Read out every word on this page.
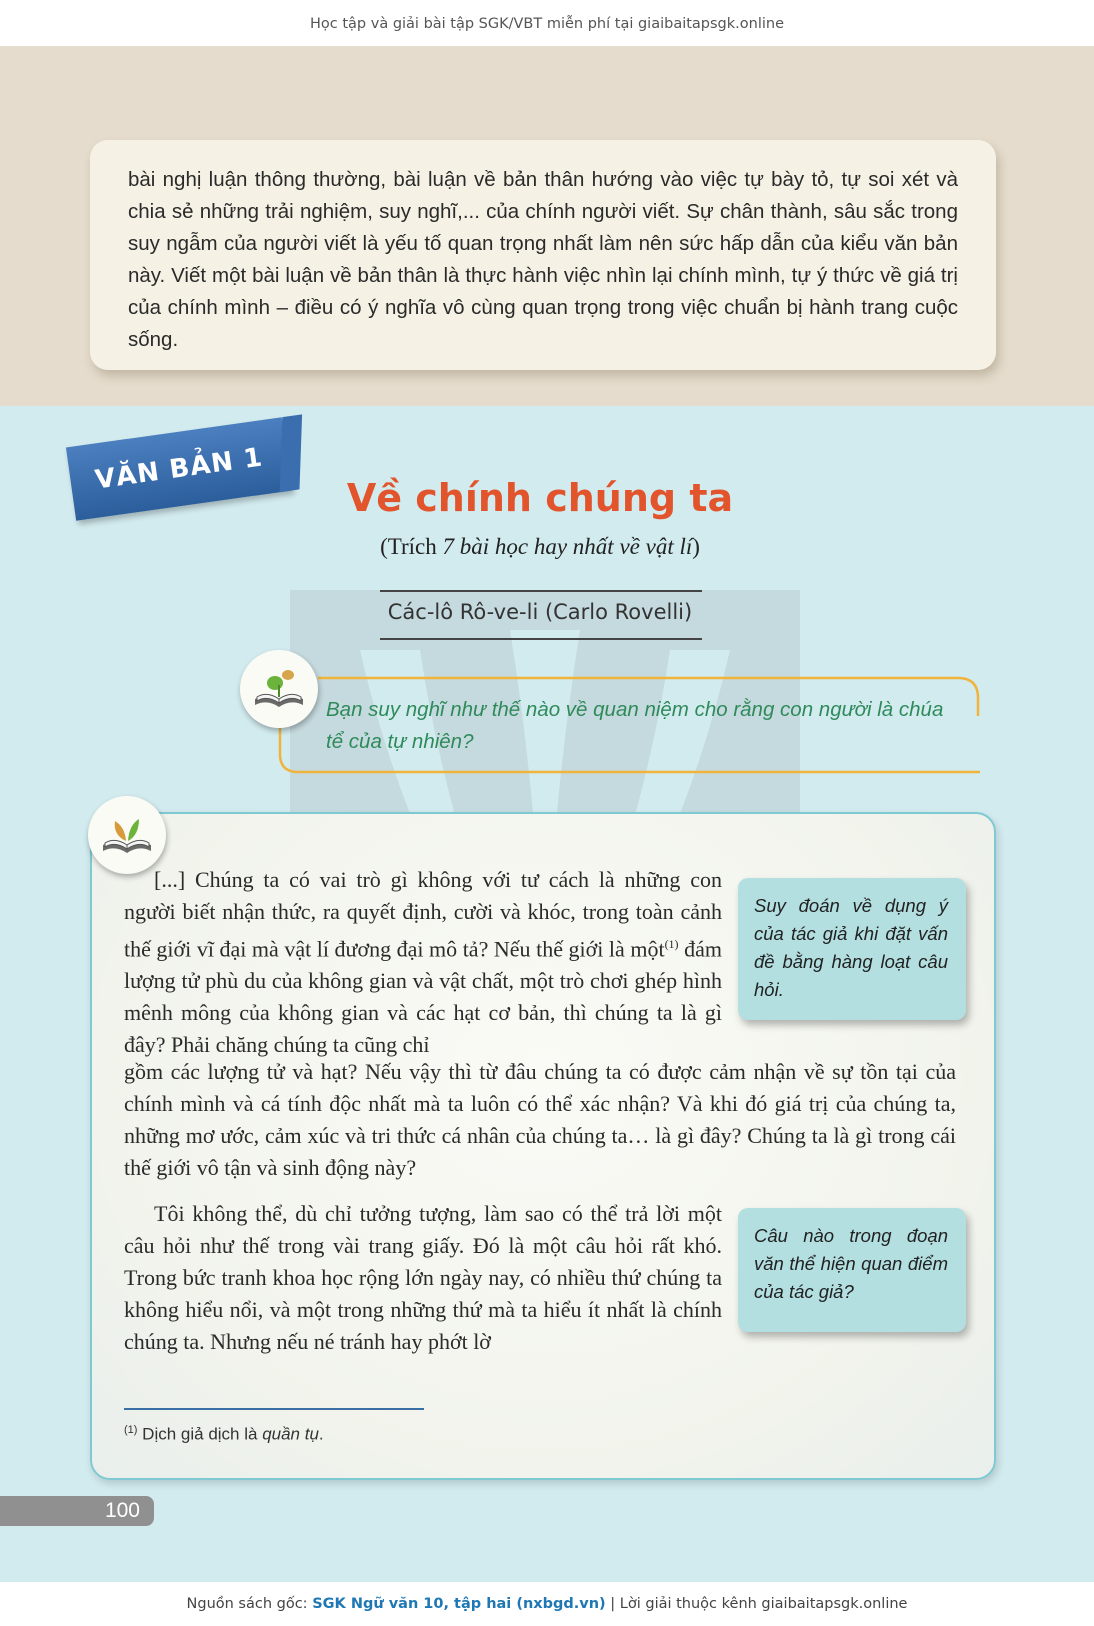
Học tập và giải bài tập SGK/VBT miễn phí tại giaibaitapsgk.online

bài nghị luận thông thường, bài luận về bản thân hướng vào việc tự bày tỏ, tự soi xét và chia sẻ những trải nghiệm, suy nghĩ,... của chính người viết. Sự chân thành, sâu sắc trong suy ngẫm của người viết là yếu tố quan trọng nhất làm nên sức hấp dẫn của kiểu văn bản này. Viết một bài luận về bản thân là thực hành việc nhìn lại chính mình, tự ý thức về giá trị của chính mình – điều có ý nghĩa vô cùng quan trọng trong việc chuẩn bị hành trang cuộc sống.

VĂN BẢN 1
Về chính chúng ta
(Trích 7 bài học hay nhất về vật lí)
Các-lô Rô-ve-li (Carlo Rovelli)

Bạn suy nghĩ như thế nào về quan niệm cho rằng con người là chúa tể của tự nhiên?

[...] Chúng ta có vai trò gì không với tư cách là những con người biết nhận thức, ra quyết định, cười và khóc, trong toàn cảnh thế giới vĩ đại mà vật lí đương đại mô tả? Nếu thế giới là một$^{(1)}$ đám lượng tử phù du của không gian và vật chất, một trò chơi ghép hình mênh mông của không gian và các hạt cơ bản, thì chúng ta là gì đây? Phải chăng chúng ta cũng chỉ

gồm các lượng tử và hạt? Nếu vậy thì từ đâu chúng ta có được cảm nhận về sự tồn tại của chính mình và cá tính độc nhất mà ta luôn có thể xác nhận? Và khi đó giá trị của chúng ta, những mơ ước, cảm xúc và tri thức cá nhân của chúng ta… là gì đây? Chúng ta là gì trong cái thế giới vô tận và sinh động này?

Tôi không thể, dù chỉ tưởng tượng, làm sao có thể trả lời một câu hỏi như thế trong vài trang giấy. Đó là một câu hỏi rất khó. Trong bức tranh khoa học rộng lớn ngày nay, có nhiều thứ chúng ta không hiểu nổi, và một trong những thứ mà ta hiểu ít nhất là chính chúng ta. Nhưng nếu né tránh hay phớt lờ

Suy đoán về dụng ý của tác giả khi đặt vấn đề bằng hàng loạt câu hỏi.

Câu nào trong đoạn văn thể hiện quan điểm của tác giả?

$^{(1)}$ Dịch giả dịch là quần tụ.

100
Nguồn sách gốc: SGK Ngữ văn 10, tập hai (nxbgd.vn) | Lời giải thuộc kênh giaibaitapsgk.online
